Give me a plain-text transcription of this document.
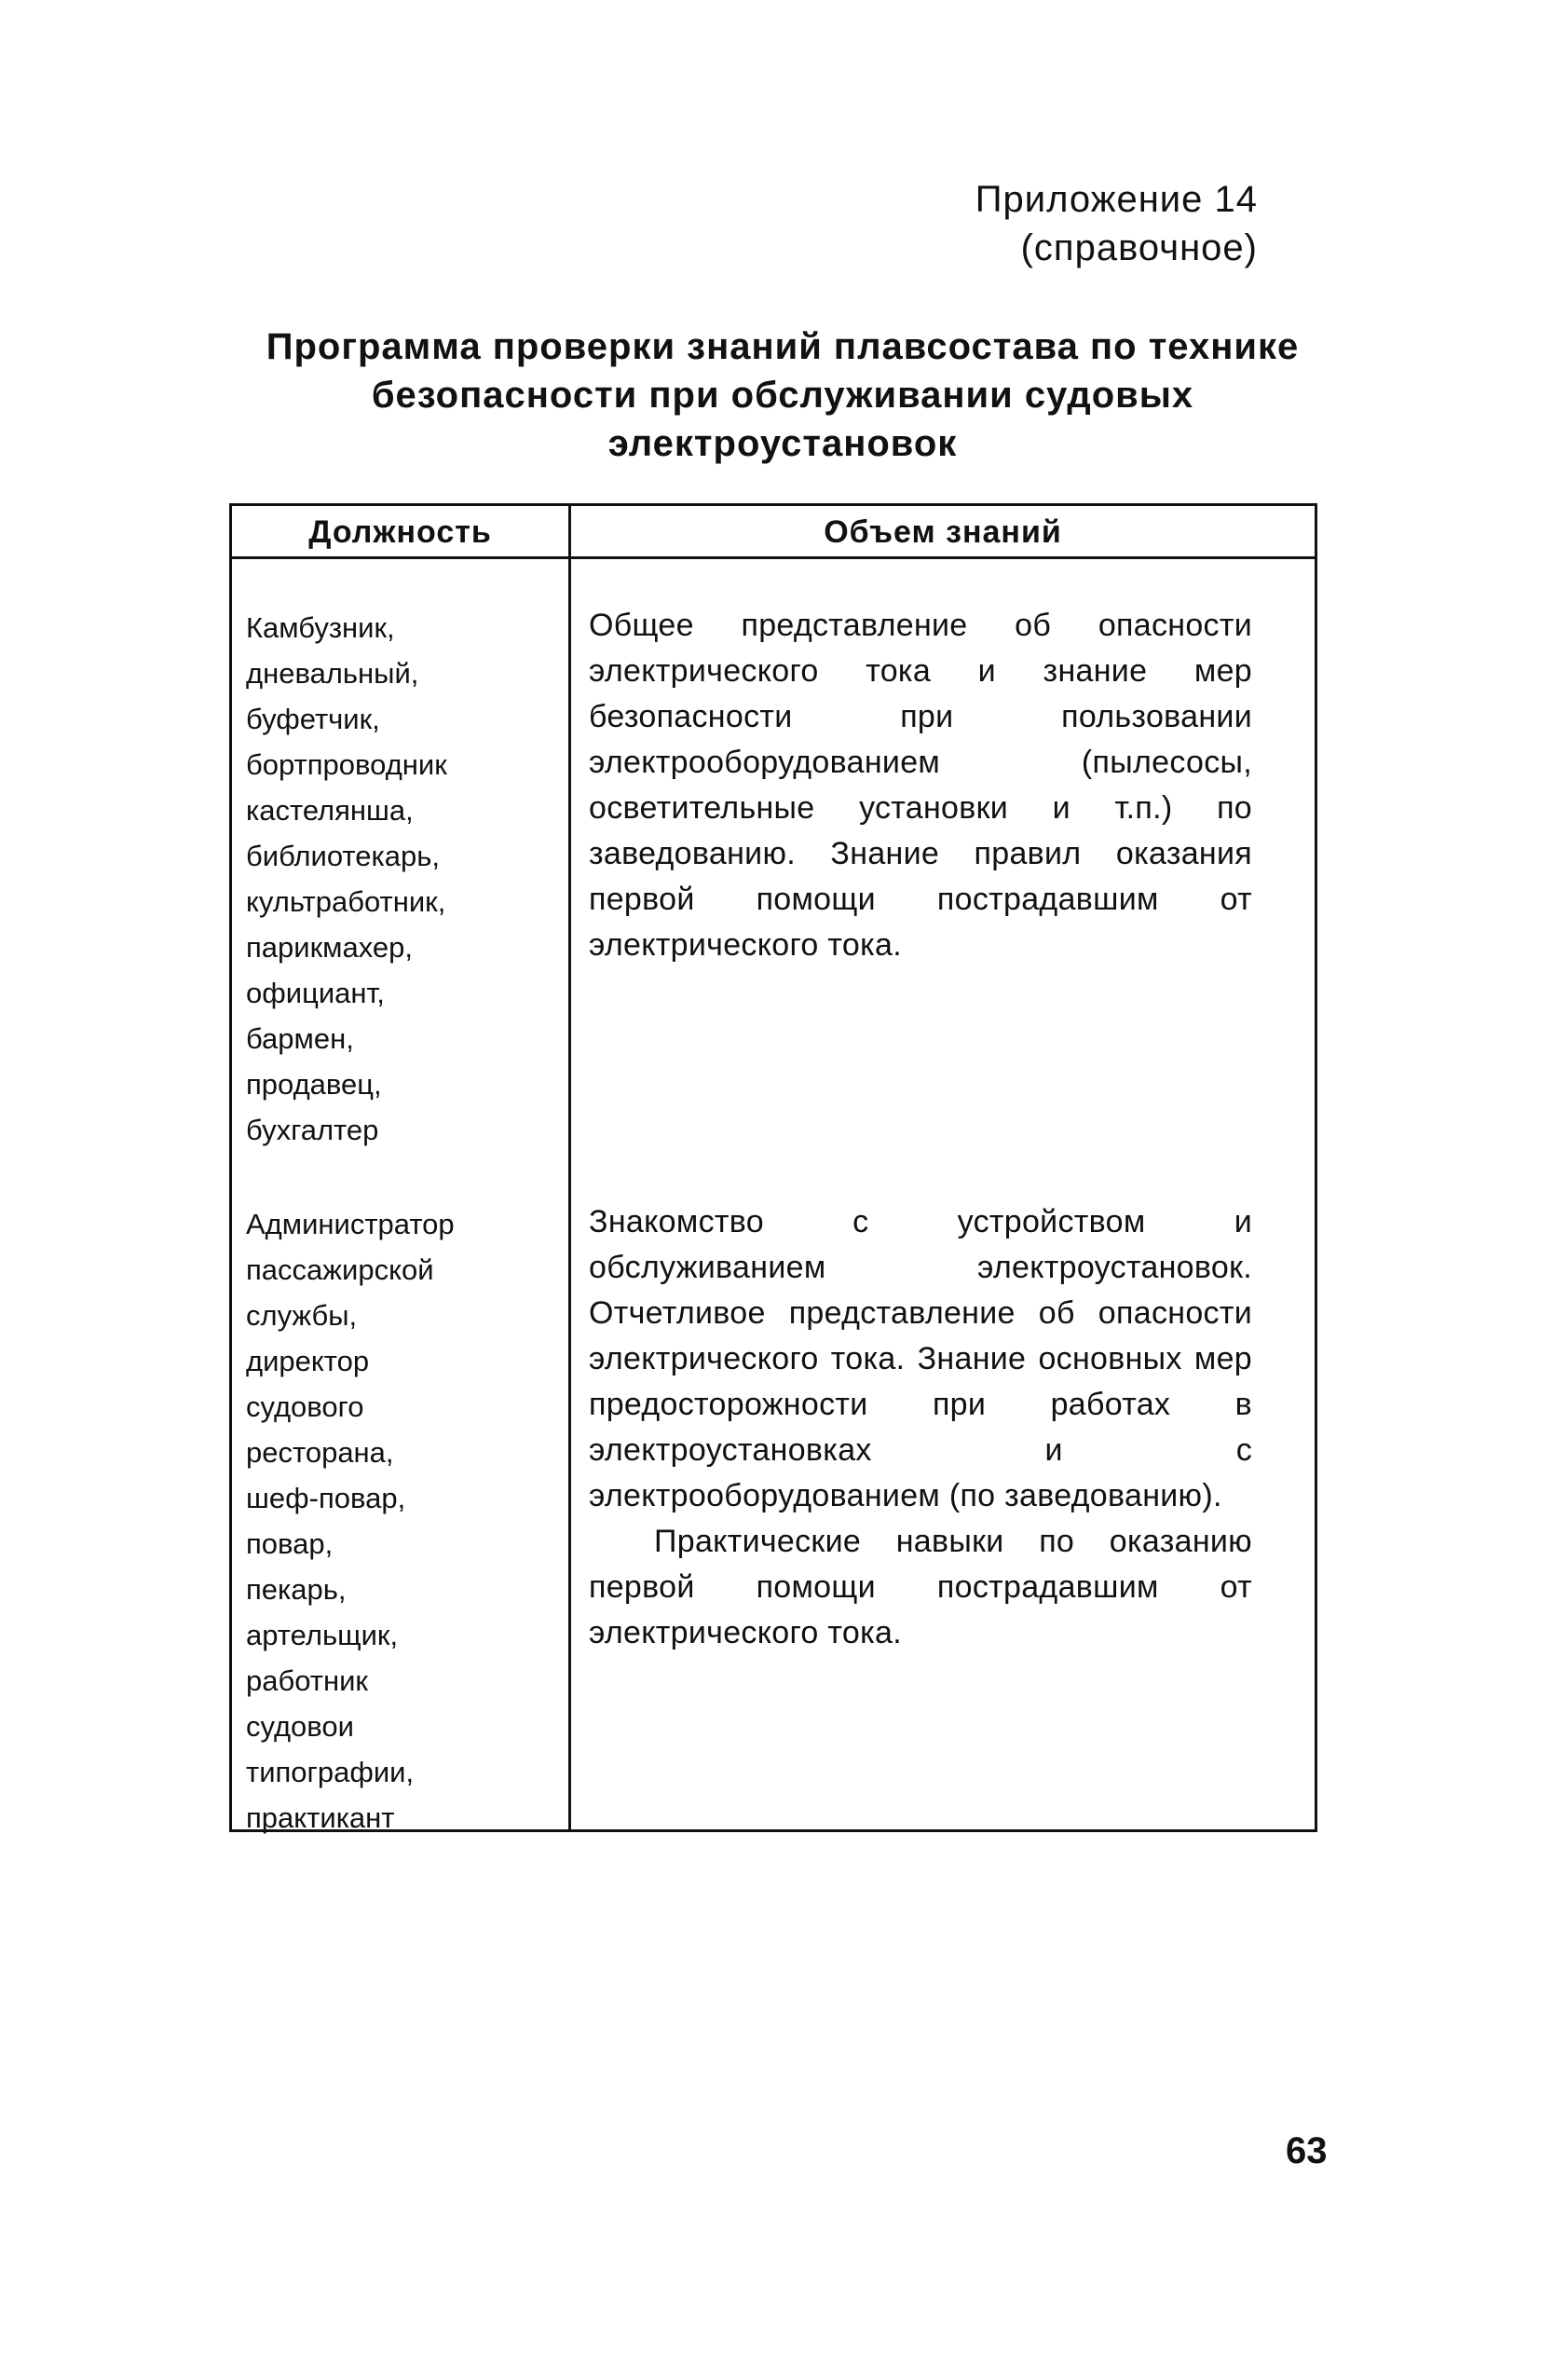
Приложение 14
(справочное)
Программа проверки знаний плавсостава по технике
безопасности при обслуживании судовых
электроустановок
Должность	Объем знаний
Камбузник,
дневальный,
буфетчик,
бортпроводник
кастелянша,
библиотекарь,
культработник,
парикмахер,
официант,
бармен,
продавец,
бухгалтер

Общее представление об опасности электрического тока и знание мер безопасности при пользовании электрооборудованием (пылесосы, осветительные установки и т.п.) по заведованию. Знание правил оказания первой помощи пострадавшим от электрического тока.

Администратор
пассажирской
службы,
директор
судового
ресторана,
шеф-повар,
повар,
пекарь,
артельщик,
работник
судовои
типографии,
практикант

Знакомство с устройством и обслуживанием электроустановок. Отчетливое представление об опасности электрического тока. Знание основных мер предосторожности при работах в электроустановках и с электрооборудованием (по заведованию).

Практические навыки по оказанию первой помощи пострадавшим от электрического тока.

63
